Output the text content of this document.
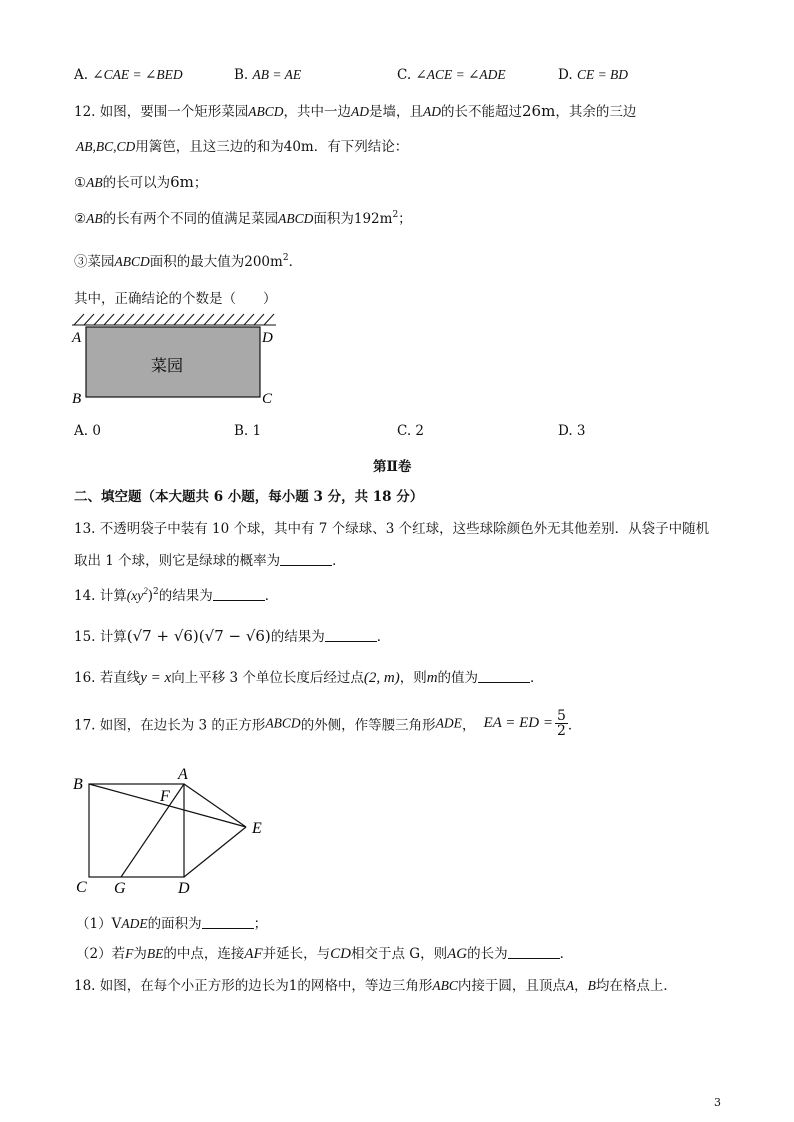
A. ∠CAE = ∠BED	B. AB = AE	C. ∠ACE = ∠ADE	D. CE = BD
12. 如图，要围一个矩形菜园ABCD，共中一边AD是墙，且AD的长不能超过26m，其余的三边
AB,BC,CD用篱笆，且这三边的和为40m．有下列结论：
①AB的长可以为6m；
②AB的长有两个不同的值满足菜园ABCD面积为$192m^2$；
③菜园ABCD面积的最大值为$200m^2$．
其中，正确结论的个数是（　　）
菜园
A	D
B	C
A. 0	B. 1	C. 2	D. 3
第Ⅱ卷
二、填空题（本大题共 6 小题，每小题 3 分，共 18 分）
13. 不透明袋子中装有 10 个球，其中有 7 个绿球、3 个红球，这些球除颜色外无其他差别．从袋子中随机
取出 1 个球，则它是绿球的概率为	．
14. 计算$(xy^2)^2$的结果为	．
15. 计算(√7 + √6)(√7 − √6)的结果为	．
16. 若直线y = x向上平移 3 个单位长度后经过点(2, m)，则m的值为	．
17. 如图，在边长为 3 的正方形ABCD的外侧，作等腰三角形ADE， EA = ED = $\frac{5}{2}$ ．
B
A
F
E
C G	D
（1）VADE的面积为	；
（2）若F为BE的中点，连接AF并延长，与CD相交于点 G，则AG的长为	．
18. 如图，在每个小正方形的边长为1的网格中，等边三角形ABC内接于圆，且顶点A，B均在格点上．
3
